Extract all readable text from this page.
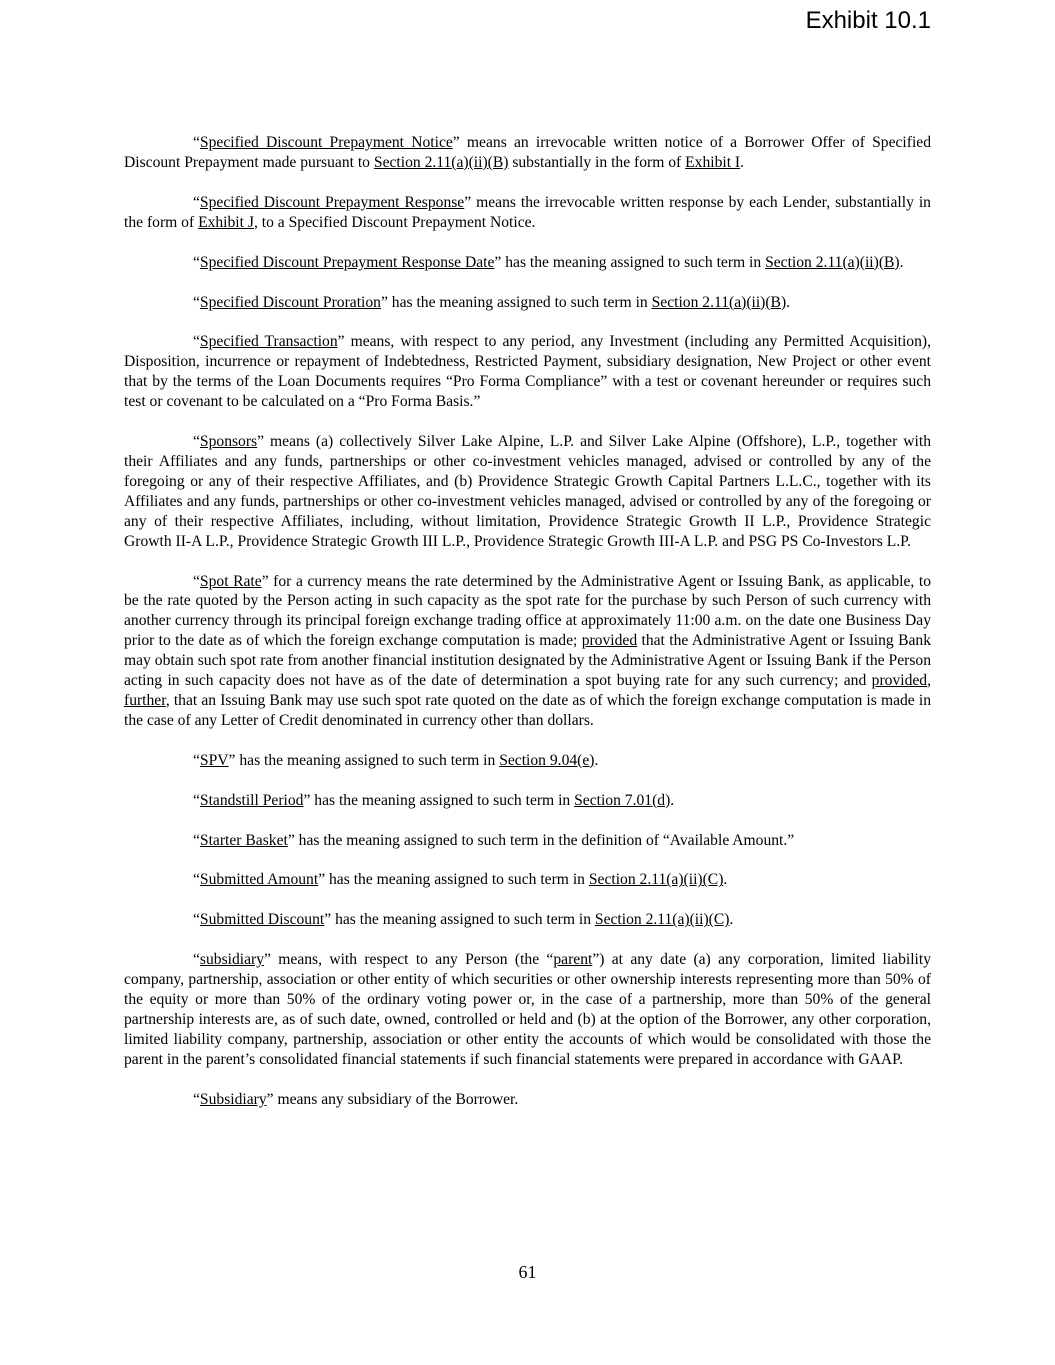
Exhibit 10.1

“Specified Discount Prepayment Notice” means an irrevocable written notice of a Borrower Offer of Specified Discount Prepayment made pursuant to Section 2.11(a)(ii)(B) substantially in the form of Exhibit I.

“Specified Discount Prepayment Response” means the irrevocable written response by each Lender, substantially in the form of Exhibit J, to a Specified Discount Prepayment Notice.

“Specified Discount Prepayment Response Date” has the meaning assigned to such term in Section 2.11(a)(ii)(B).

“Specified Discount Proration” has the meaning assigned to such term in Section 2.11(a)(ii)(B).

“Specified Transaction” means, with respect to any period, any Investment (including any Permitted Acquisition), Disposition, incurrence or repayment of Indebtedness, Restricted Payment, subsidiary designation, New Project or other event that by the terms of the Loan Documents requires “Pro Forma Compliance” with a test or covenant hereunder or requires such test or covenant to be calculated on a “Pro Forma Basis.”

“Sponsors” means (a) collectively Silver Lake Alpine, L.P. and Silver Lake Alpine (Offshore), L.P., together with their Affiliates and any funds, partnerships or other co-investment vehicles managed, advised or controlled by any of the foregoing or any of their respective Affiliates, and (b) Providence Strategic Growth Capital Partners L.L.C., together with its Affiliates and any funds, partnerships or other co-investment vehicles managed, advised or controlled by any of the foregoing or any of their respective Affiliates, including, without limitation, Providence Strategic Growth II L.P., Providence Strategic Growth II-A L.P., Providence Strategic Growth III L.P., Providence Strategic Growth III-A L.P. and PSG PS Co-Investors L.P.

“Spot Rate” for a currency means the rate determined by the Administrative Agent or Issuing Bank, as applicable, to be the rate quoted by the Person acting in such capacity as the spot rate for the purchase by such Person of such currency with another currency through its principal foreign exchange trading office at approximately 11:00 a.m. on the date one Business Day prior to the date as of which the foreign exchange computation is made; provided that the Administrative Agent or Issuing Bank may obtain such spot rate from another financial institution designated by the Administrative Agent or Issuing Bank if the Person acting in such capacity does not have as of the date of determination a spot buying rate for any such currency; and provided, further, that an Issuing Bank may use such spot rate quoted on the date as of which the foreign exchange computation is made in the case of any Letter of Credit denominated in currency other than dollars.

“SPV” has the meaning assigned to such term in Section 9.04(e).

“Standstill Period” has the meaning assigned to such term in Section 7.01(d).

“Starter Basket” has the meaning assigned to such term in the definition of “Available Amount.”

“Submitted Amount” has the meaning assigned to such term in Section 2.11(a)(ii)(C).

“Submitted Discount” has the meaning assigned to such term in Section 2.11(a)(ii)(C).

“subsidiary” means, with respect to any Person (the “parent”) at any date (a) any corporation, limited liability company, partnership, association or other entity of which securities or other ownership interests representing more than 50% of the equity or more than 50% of the ordinary voting power or, in the case of a partnership, more than 50% of the general partnership interests are, as of such date, owned, controlled or held and (b) at the option of the Borrower, any other corporation, limited liability company, partnership, association or other entity the accounts of which would be consolidated with those the parent in the parent’s consolidated financial statements if such financial statements were prepared in accordance with GAAP.

“Subsidiary” means any subsidiary of the Borrower.

61
